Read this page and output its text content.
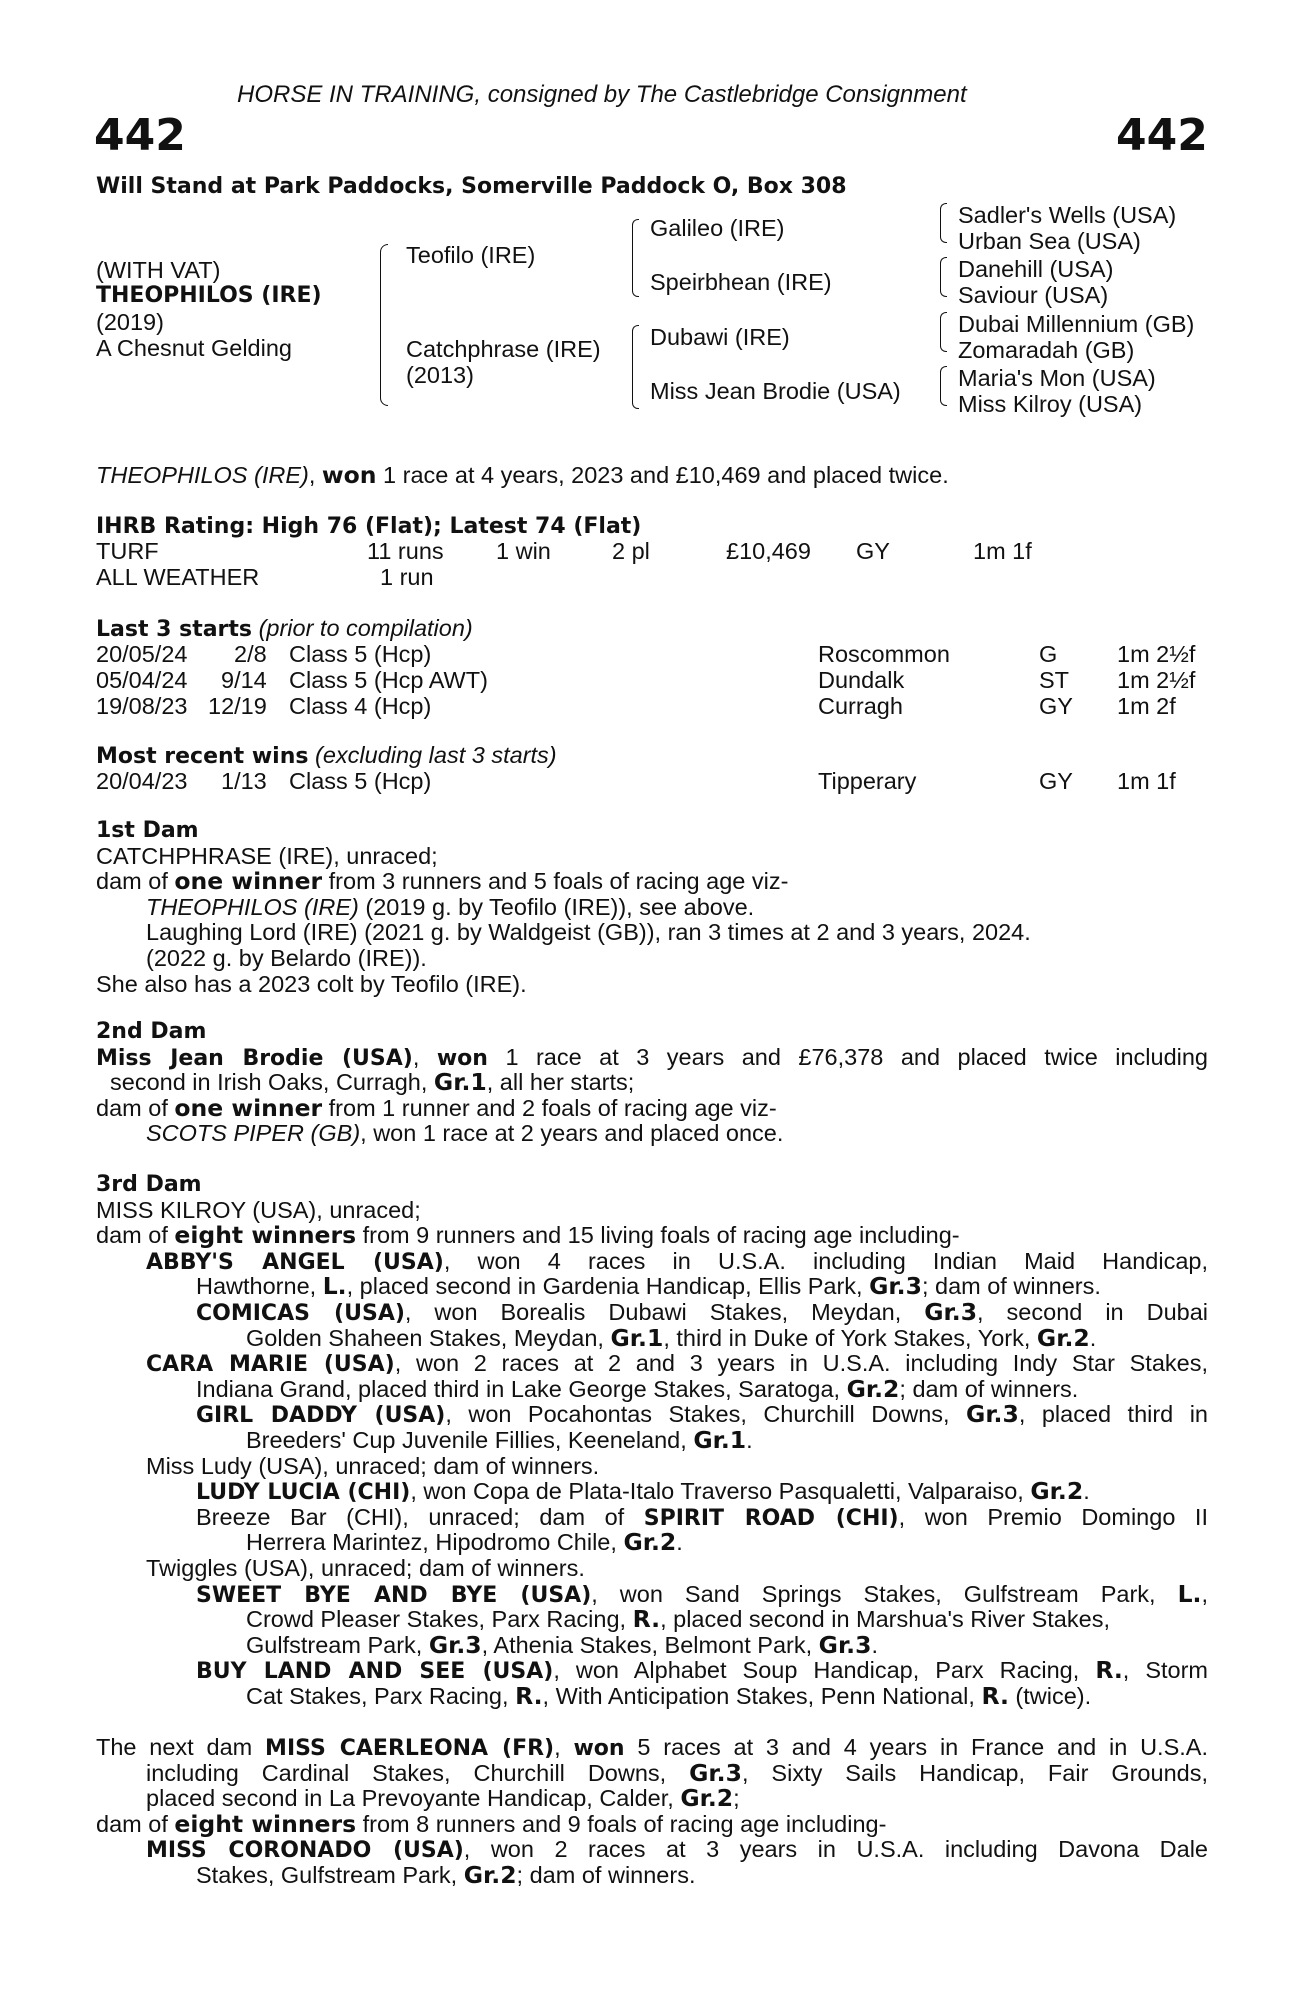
HORSE IN TRAINING, consigned by The Castlebridge Consignment
442	442
Will Stand at Park Paddocks, Somerville Paddock O, Box 308
(WITH VAT)
THEOPHILOS (IRE)
(2019)
A Chesnut Gelding
Teofilo (IRE)
Catchphrase (IRE)
(2013)
Galileo (IRE)
Speirbhean (IRE)
Dubawi (IRE)
Miss Jean Brodie (USA)
Sadler's Wells (USA)
Urban Sea (USA)
Danehill (USA)
Saviour (USA)
Dubai Millennium (GB)
Zomaradah (GB)
Maria's Mon (USA)
Miss Kilroy (USA)
THEOPHILOS (IRE), won 1 race at 4 years, 2023 and £10,469 and placed twice.
IHRB Rating: High 76 (Flat); Latest 74 (Flat)
TURF	11 runs 1 win	2 pl	£10,469 GY	1m 1f
ALL WEATHER	1 run
Last 3 starts (prior to compilation)
20/05/24 2/8 Class 5 (Hcp)	Roscommon	G	1m 2½f
05/04/24 9/14 Class 5 (Hcp AWT)	Dundalk	ST 1m 2½f
19/08/23 12/19 Class 4 (Hcp)	Curragh	GY 1m 2f
Most recent wins (excluding last 3 starts)
20/04/23 1/13 Class 5 (Hcp)	Tipperary	GY 1m 1f
1st Dam
CATCHPHRASE (IRE), unraced;
dam of one winner from 3 runners and 5 foals of racing age viz-
THEOPHILOS (IRE) (2019 g. by Teofilo (IRE)), see above.
Laughing Lord (IRE) (2021 g. by Waldgeist (GB)), ran 3 times at 2 and 3 years, 2024.
(2022 g. by Belardo (IRE)).
She also has a 2023 colt by Teofilo (IRE).
2nd Dam
Miss Jean Brodie (USA), won 1 race at 3 years and £76,378 and placed twice including
second in Irish Oaks, Curragh, Gr.1, all her starts;
dam of one winner from 1 runner and 2 foals of racing age viz-
SCOTS PIPER (GB), won 1 race at 2 years and placed once.
3rd Dam
MISS KILROY (USA), unraced;
dam of eight winners from 9 runners and 15 living foals of racing age including-
ABBY'S ANGEL (USA), won 4 races in U.S.A. including Indian Maid Handicap,
Hawthorne, L., placed second in Gardenia Handicap, Ellis Park, Gr.3; dam of winners.
COMICAS (USA), won Borealis Dubawi Stakes, Meydan, Gr.3, second in Dubai
Golden Shaheen Stakes, Meydan, Gr.1, third in Duke of York Stakes, York, Gr.2.
CARA MARIE (USA), won 2 races at 2 and 3 years in U.S.A. including Indy Star Stakes,
Indiana Grand, placed third in Lake George Stakes, Saratoga, Gr.2; dam of winners.
GIRL DADDY (USA), won Pocahontas Stakes, Churchill Downs, Gr.3, placed third in
Breeders' Cup Juvenile Fillies, Keeneland, Gr.1.
Miss Ludy (USA), unraced; dam of winners.
LUDY LUCIA (CHI), won Copa de Plata-Italo Traverso Pasqualetti, Valparaiso, Gr.2.
Breeze Bar (CHI), unraced; dam of SPIRIT ROAD (CHI), won Premio Domingo II
Herrera Marintez, Hipodromo Chile, Gr.2.
Twiggles (USA), unraced; dam of winners.
SWEET BYE AND BYE (USA), won Sand Springs Stakes, Gulfstream Park, L.,
Crowd Pleaser Stakes, Parx Racing, R., placed second in Marshua's River Stakes,
Gulfstream Park, Gr.3, Athenia Stakes, Belmont Park, Gr.3.
BUY LAND AND SEE (USA), won Alphabet Soup Handicap, Parx Racing, R., Storm
Cat Stakes, Parx Racing, R., With Anticipation Stakes, Penn National, R. (twice).
The next dam MISS CAERLEONA (FR), won 5 races at 3 and 4 years in France and in U.S.A.
including Cardinal Stakes, Churchill Downs, Gr.3, Sixty Sails Handicap, Fair Grounds,
placed second in La Prevoyante Handicap, Calder, Gr.2;
dam of eight winners from 8 runners and 9 foals of racing age including-
MISS CORONADO (USA), won 2 races at 3 years in U.S.A. including Davona Dale
Stakes, Gulfstream Park, Gr.2; dam of winners.
